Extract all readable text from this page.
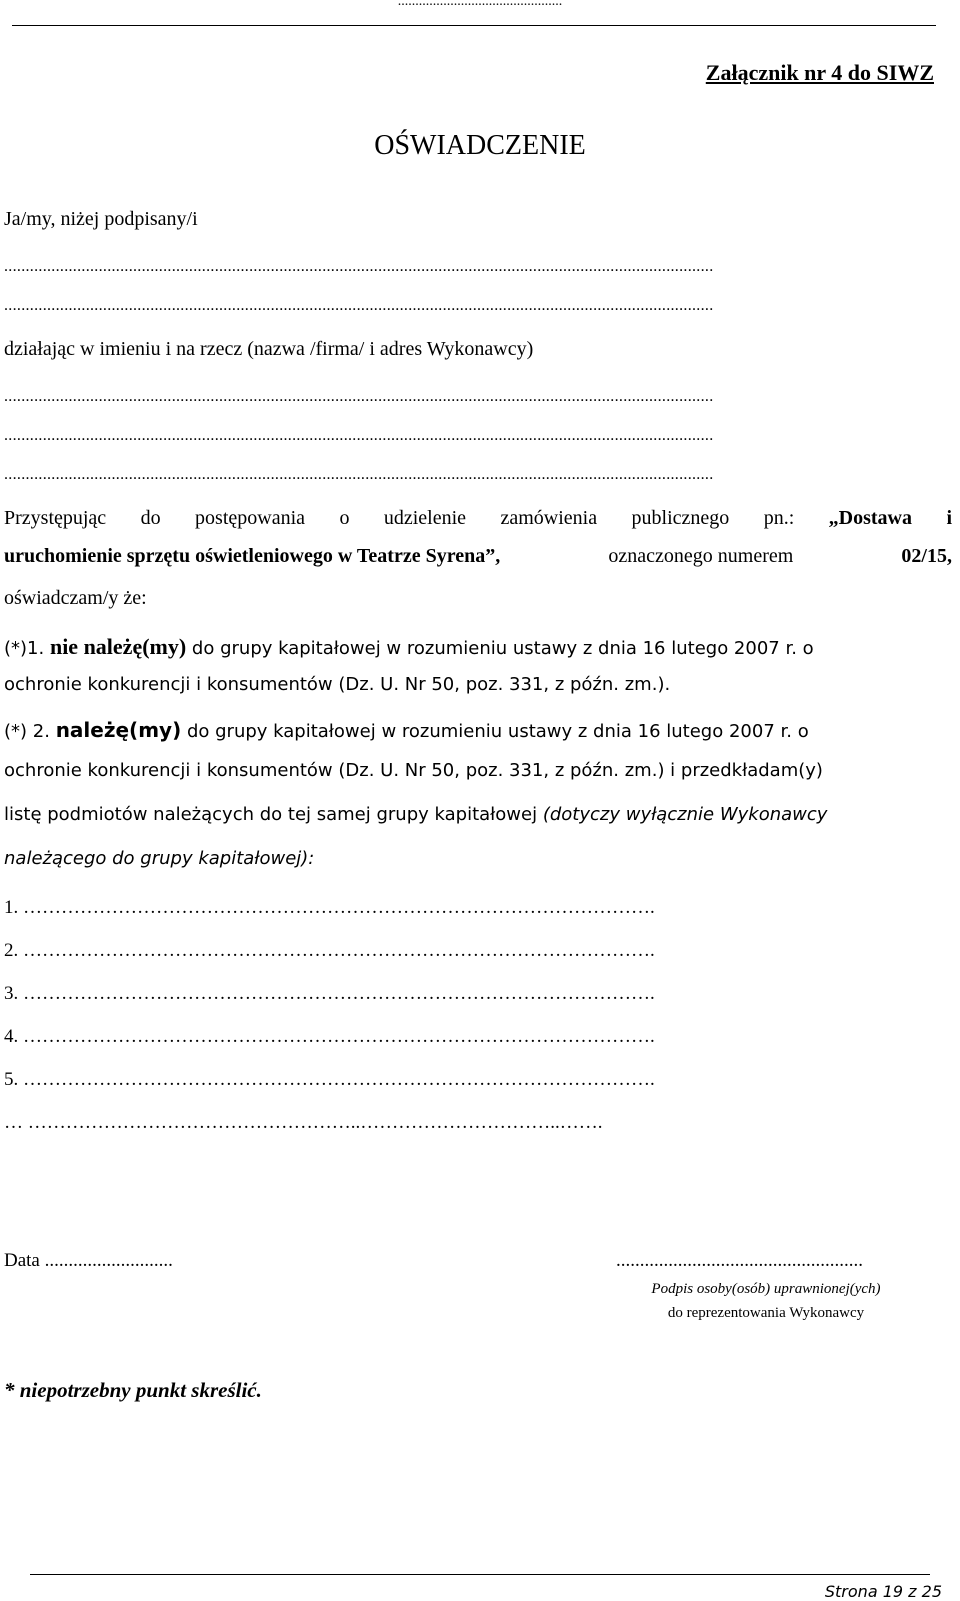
...............................................
Załącznik nr 4 do SIWZ
OŚWIADCZENIE
Ja/my, niżej podpisany/i
.....................................................................................................................................................................
.....................................................................................................................................................................
działając w imieniu i na rzecz (nazwa /firma/ i adres Wykonawcy)
.....................................................................................................................................................................
.....................................................................................................................................................................
.....................................................................................................................................................................
Przystępując do postępowania o udzielenie zamówienia publicznego pn.: „Dostawa i
uruchomienie sprzętu oświetleniowego w Teatrze Syrena”,	oznaczonego numerem	02/15,
oświadczam/y że:
(*)1. nie należę(my) do grupy kapitałowej w rozumieniu ustawy z dnia 16 lutego 2007 r. o
ochronie konkurencji i konsumentów (Dz. U. Nr 50, poz. 331, z późn. zm.).
(*) 2. należę(my) do grupy kapitałowej w rozumieniu ustawy z dnia 16 lutego 2007 r. o
ochronie konkurencji i konsumentów (Dz. U. Nr 50, poz. 331, z późn. zm.) i przedkładam(y)
listę podmiotów należących do tej samej grupy kapitałowej (dotyczy wyłącznie Wykonawcy
należącego do grupy kapitałowej):
1. ……………………………………………………………………………………….
2. ……………………………………………………………………………………….
3. ……………………………………………………………………………………….
4. ……………………………………………………………………………………….
5. ……………………………………………………………………………………….
… ……………………………………………..…………………………..…….
Data ...........................	....................................................
Podpis osoby(osób) uprawnionej(ych)
do reprezentowania Wykonawcy
* niepotrzebny punkt skreślić.
Strona 19 z 25
